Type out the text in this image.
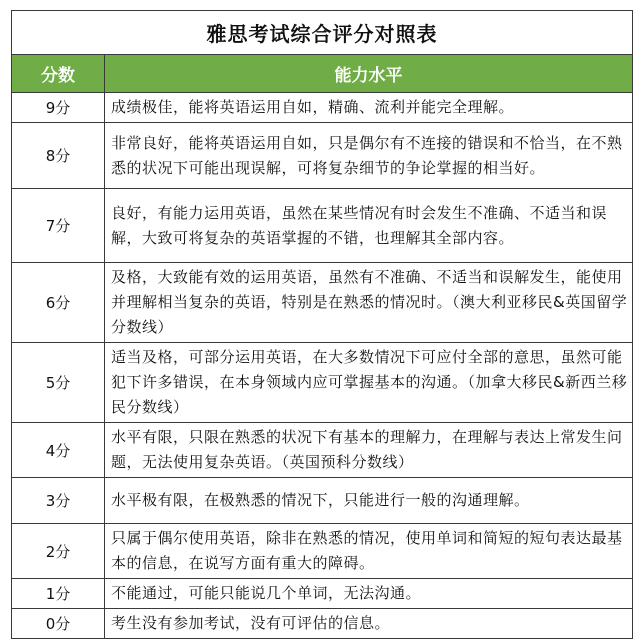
雅思考试综合评分对照表	
分数	能力水平
9分	成绩极佳，能将英语运用自如，精确、流利并能完全理解。
8分	非常良好，能将英语运用自如，只是偶尔有不连接的错误和不恰当，在不熟悉的状况下可能出现误解，可将复杂细节的争论掌握的相当好。
7分	良好，有能力运用英语，虽然在某些情况有时会发生不准确、不适当和误解，大致可将复杂的英语掌握的不错，也理解其全部内容。
6分	及格，大致能有效的运用英语，虽然有不准确、不适当和误解发生，能使用并理解相当复杂的英语，特别是在熟悉的情况时。（澳大利亚移民&英国留学分数线）
5分	适当及格，可部分运用英语，在大多数情况下可应付全部的意思，虽然可能犯下许多错误，在本身领域内应可掌握基本的沟通。（加拿大移民&新西兰移民分数线）
4分	水平有限，只限在熟悉的状况下有基本的理解力，在理解与表达上常发生问题，无法使用复杂英语。（英国预科分数线）
3分	水平极有限，在极熟悉的情况下，只能进行一般的沟通理解。
2分	只属于偶尔使用英语，除非在熟悉的情况，使用单词和简短的短句表达最基本的信息，在说写方面有重大的障碍。
1分	不能通过，可能只能说几个单词，无法沟通。
0分	考生没有参加考试，没有可评估的信息。
